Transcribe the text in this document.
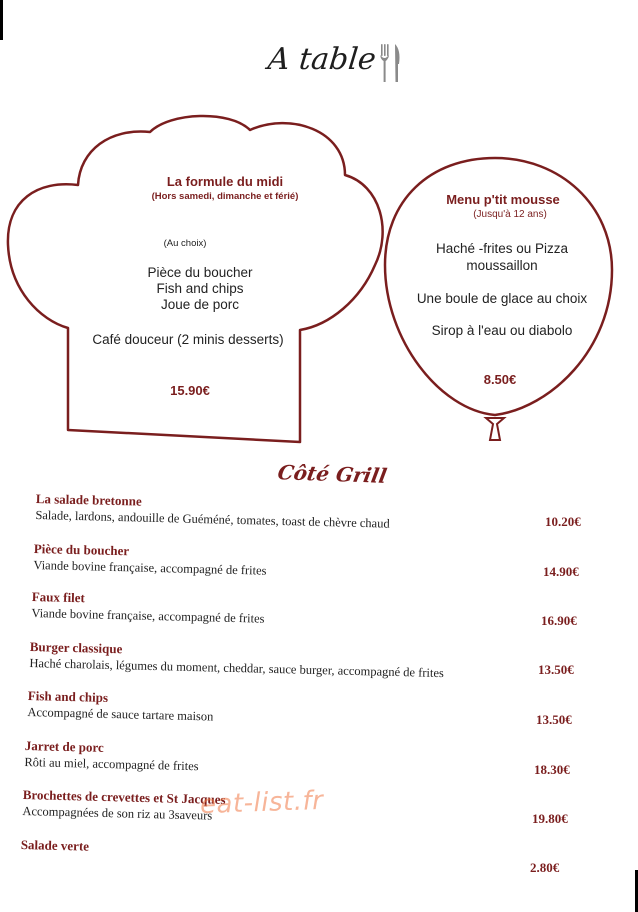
A table
La formule du midi
(Hors samedi, dimanche et férié)
(Au choix)
Pièce du boucher
Fish and chips
Joue de porc
Café douceur (2 minis desserts)
15.90€
Menu p'tit mousse
(Jusqu'à 12 ans)
Haché -frites ou Pizza
moussaillon
Une boule de glace au choix
Sirop à l'eau ou diabolo
8.50€
Côté Grill
La salade bretonne
Salade, lardons, andouille de Guéméné, tomates, toast de chèvre chaud	10.20€
Pièce du boucher
Viande bovine française, accompagné de frites	14.90€
Faux filet
Viande bovine française, accompagné de frites	16.90€
Burger classique
Haché charolais, légumes du moment, cheddar, sauce burger, accompagné de frites	13.50€
Fish and chips
Accompagné de sauce tartare maison	13.50€
Jarret de porc
Rôti au miel, accompagné de frites	18.30€
Brochettes de crevettes et St Jacques
Accompagnées de son riz au 3saveurs	19.80€
Salade verte
2.80€
eat-list.fr
